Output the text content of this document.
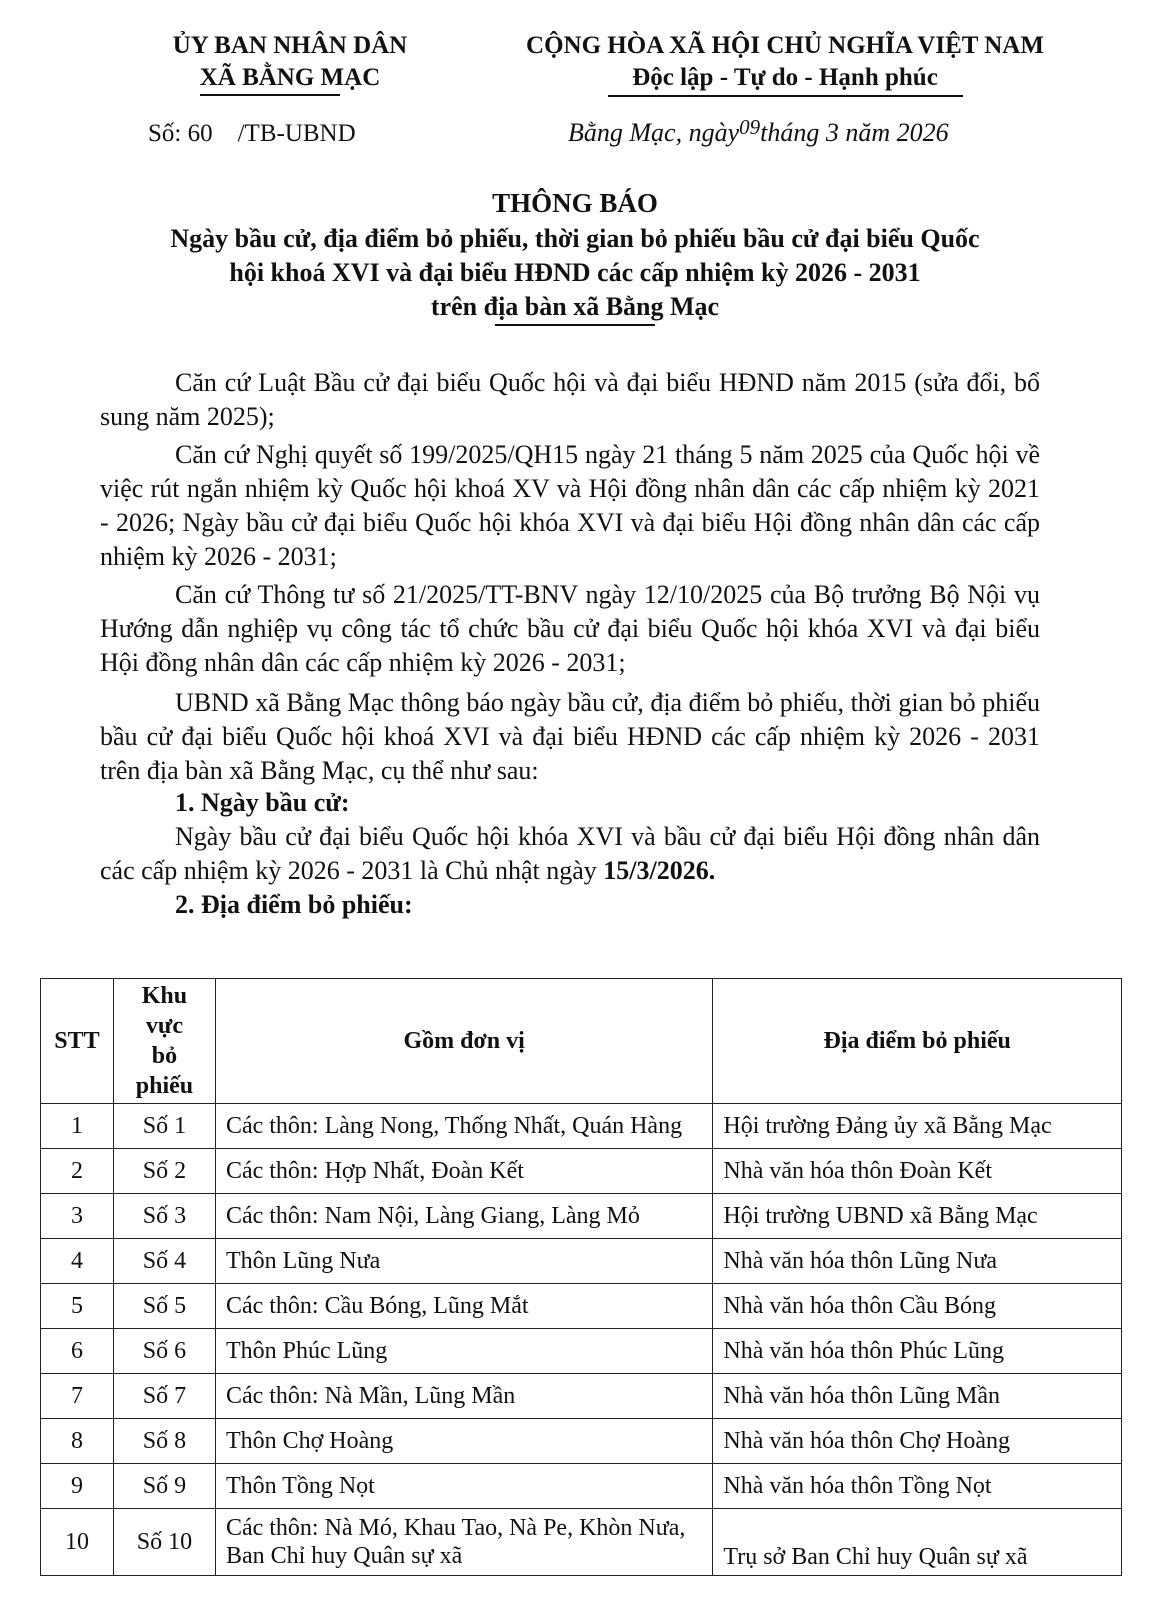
ỦY BAN NHÂN DÂN
XÃ BẰNG MẠC
Số: 60    /TB-UBND
CỘNG HÒA XÃ HỘI CHỦ NGHĨA VIỆT NAM
Độc lập - Tự do - Hạnh phúc
Bằng Mạc, ngày$^{09}$tháng 3 năm 2026
THÔNG BÁO
Ngày bầu cử, địa điểm bỏ phiếu, thời gian bỏ phiếu bầu cử đại biểu Quốc
hội khoá XVI và đại biểu HĐND các cấp nhiệm kỳ 2026 - 2031
trên địa bàn xã Bằng Mạc
Căn cứ Luật Bầu cử đại biểu Quốc hội và đại biểu HĐND năm 2015 (sửa đổi, bổ sung năm 2025);
Căn cứ Nghị quyết số 199/2025/QH15 ngày 21 tháng 5 năm 2025 của Quốc hội về việc rút ngắn nhiệm kỳ Quốc hội khoá XV và Hội đồng nhân dân các cấp nhiệm kỳ 2021 - 2026; Ngày bầu cử đại biểu Quốc hội khóa XVI và đại biểu Hội đồng nhân dân các cấp nhiệm kỳ 2026 - 2031;
Căn cứ Thông tư số 21/2025/TT-BNV ngày 12/10/2025 của Bộ trưởng Bộ Nội vụ Hướng dẫn nghiệp vụ công tác tổ chức bầu cử đại biểu Quốc hội khóa XVI và đại biểu Hội đồng nhân dân các cấp nhiệm kỳ 2026 - 2031;
UBND xã Bằng Mạc thông báo ngày bầu cử, địa điểm bỏ phiếu, thời gian bỏ phiếu bầu cử đại biểu Quốc hội khoá XVI và đại biểu HĐND các cấp nhiệm kỳ 2026 - 2031 trên địa bàn xã Bằng Mạc, cụ thể như sau:
1. Ngày bầu cử:
Ngày bầu cử đại biểu Quốc hội khóa XVI và bầu cử đại biểu Hội đồng nhân dân các cấp nhiệm kỳ 2026 - 2031 là Chủ nhật ngày 15/3/2026.
2. Địa điểm bỏ phiếu:
STT	Khu
vực
bỏ
phiếu	Gồm đơn vị	Địa điểm bỏ phiếu
1	Số 1	Các thôn: Làng Nong, Thống Nhất, Quán Hàng	Hội trường Đảng ủy xã Bằng Mạc
2	Số 2	Các thôn: Hợp Nhất, Đoàn Kết	Nhà văn hóa thôn Đoàn Kết
3	Số 3	Các thôn: Nam Nội, Làng Giang, Làng Mỏ	Hội trường UBND xã Bằng Mạc
4	Số 4	Thôn Lũng Nưa	Nhà văn hóa thôn Lũng Nưa
5	Số 5	Các thôn: Cầu Bóng, Lũng Mắt	Nhà văn hóa thôn Cầu Bóng
6	Số 6	Thôn Phúc Lũng	Nhà văn hóa thôn Phúc Lũng
7	Số 7	Các thôn: Nà Mần, Lũng Mần	Nhà văn hóa thôn Lũng Mần
8	Số 8	Thôn Chợ Hoàng	Nhà văn hóa thôn Chợ Hoàng
9	Số 9	Thôn Tồng Nọt	Nhà văn hóa thôn Tồng Nọt
10	Số 10	Các thôn: Nà Mó, Khau Tao, Nà Pe, Khòn Nưa, Ban Chỉ huy Quân sự xã	Trụ sở Ban Chỉ huy Quân sự xã
